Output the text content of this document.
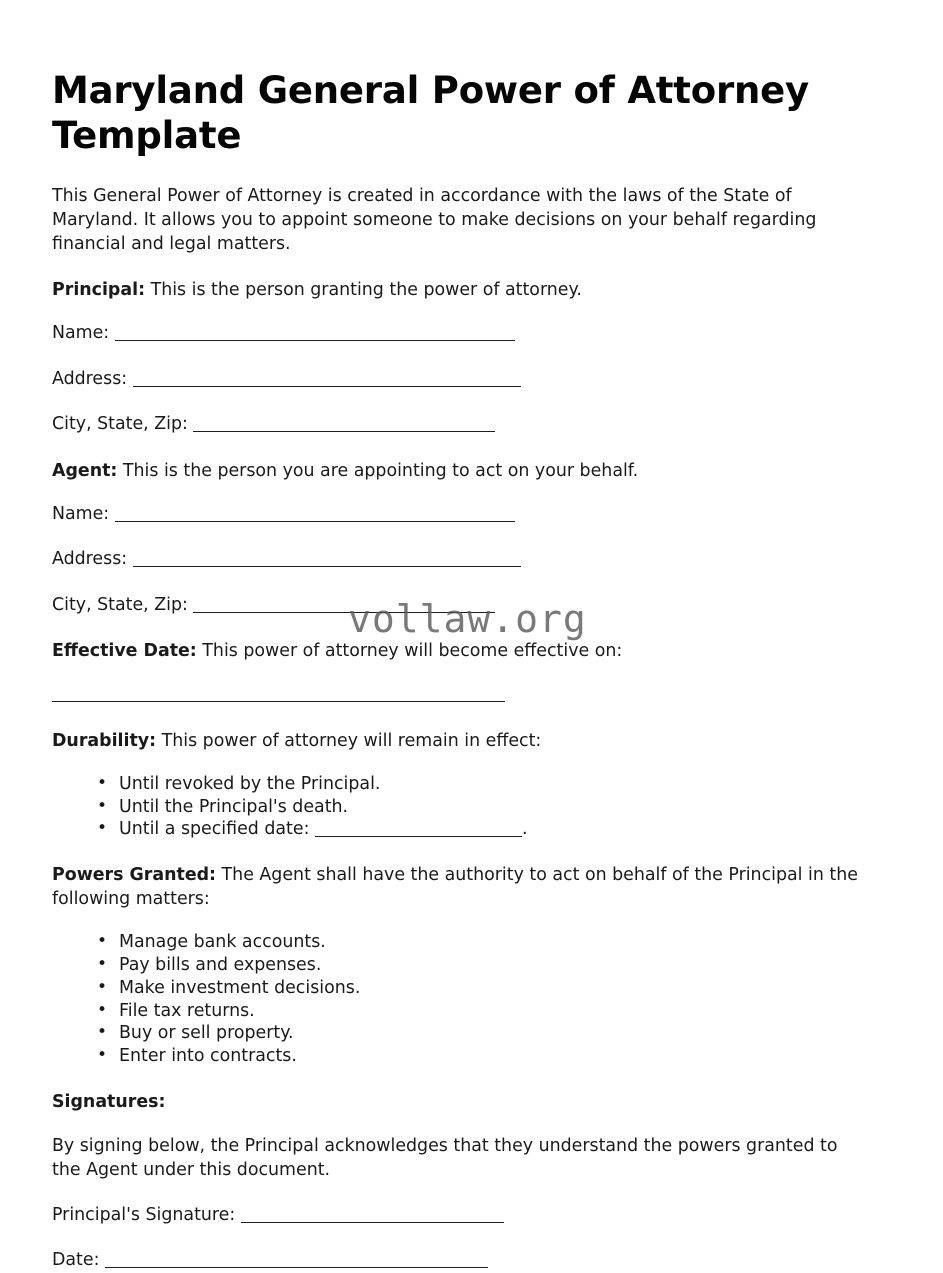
vollaw.org
Maryland General Power of Attorney Template

This General Power of Attorney is created in accordance with the laws of the State of Maryland. It allows you to appoint someone to make decisions on your behalf regarding financial and legal matters.

Principal: This is the person granting the power of attorney.

Name:
Address:
City, State, Zip:

Agent: This is the person you are appointing to act on your behalf.

Name:
Address:
City, State, Zip:

Effective Date: This power of attorney will become effective on:

Durability: This power of attorney will remain in effect:

• Until revoked by the Principal.
• Until the Principal's death.
• Until a specified date:	.

Powers Granted: The Agent shall have the authority to act on behalf of the Principal in the following matters:

• Manage bank accounts.
• Pay bills and expenses.
• Make investment decisions.
• File tax returns.
• Buy or sell property.
• Enter into contracts.

Signatures:

By signing below, the Principal acknowledges that they understand the powers granted to the Agent under this document.

Principal's Signature:
Date:
